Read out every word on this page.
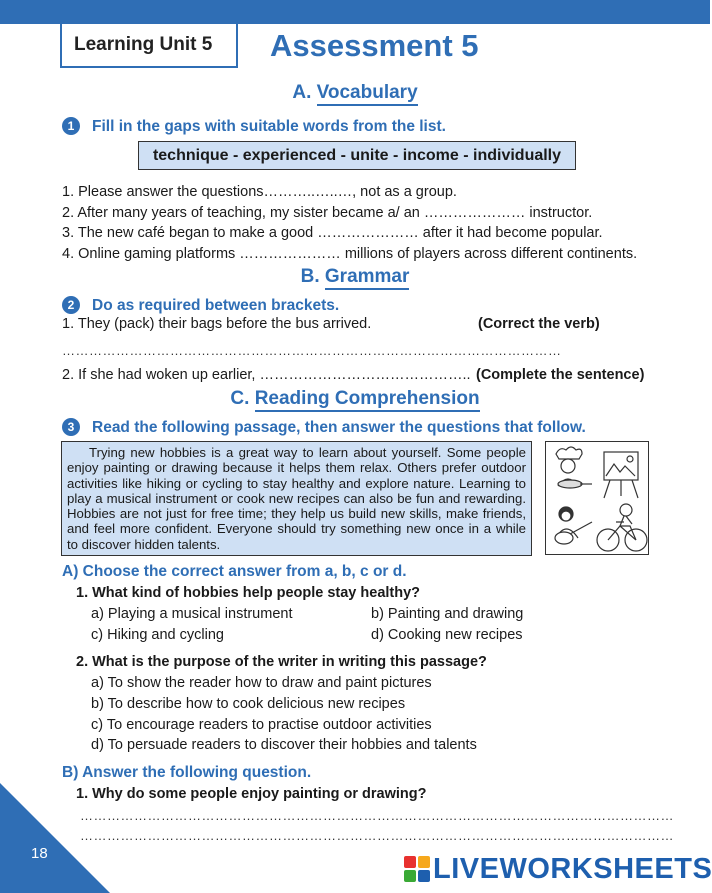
Learning Unit 5	Assessment 5
A. Vocabulary
1 Fill in the gaps with suitable words from the list.
technique - experienced - unite - income - individually
1. Please answer the questions………..…..…, not as a group.
2. After many years of teaching, my sister became a/ an ………………… instructor.
3. The new café began to make a good ………………… after it had become popular.
4. Online gaming platforms ………………… millions of players across different continents.
B. Grammar
2 Do as required between brackets.
1. They (pack) their bags before the bus arrived.	(Correct the verb)
…………………………………………………………………………………………………
2. If she had woken up earlier, …………………………………….. (Complete the sentence)
C. Reading Comprehension
3 Read the following passage, then answer the questions that follow.
Trying new hobbies is a great way to learn about yourself. Some people enjoy painting or drawing because it helps them relax. Others prefer outdoor activities like hiking or cycling to stay healthy and explore nature. Learning to play a musical instrument or cook new recipes can also be fun and rewarding. Hobbies are not just for free time; they help us build new skills, make friends, and feel more confident. Everyone should try something new once in a while to discover hidden talents.
A) Choose the correct answer from a, b, c or d.
1. What kind of hobbies help people stay healthy?
a) Playing a musical instrument	b) Painting and drawing
c) Hiking and cycling	d) Cooking new recipes
2. What is the purpose of the writer in writing this passage?
a) To show the reader how to draw and paint pictures
b) To describe how to cook delicious new recipes
c) To encourage readers to practise outdoor activities
d) To persuade readers to discover their hobbies and talents
B) Answer the following question.
1. Why do some people enjoy painting or drawing?
……………………………………………………………………………………………………………………
……………………………………………………………………………………………………………………
18	LIVEWORKSHEETS
